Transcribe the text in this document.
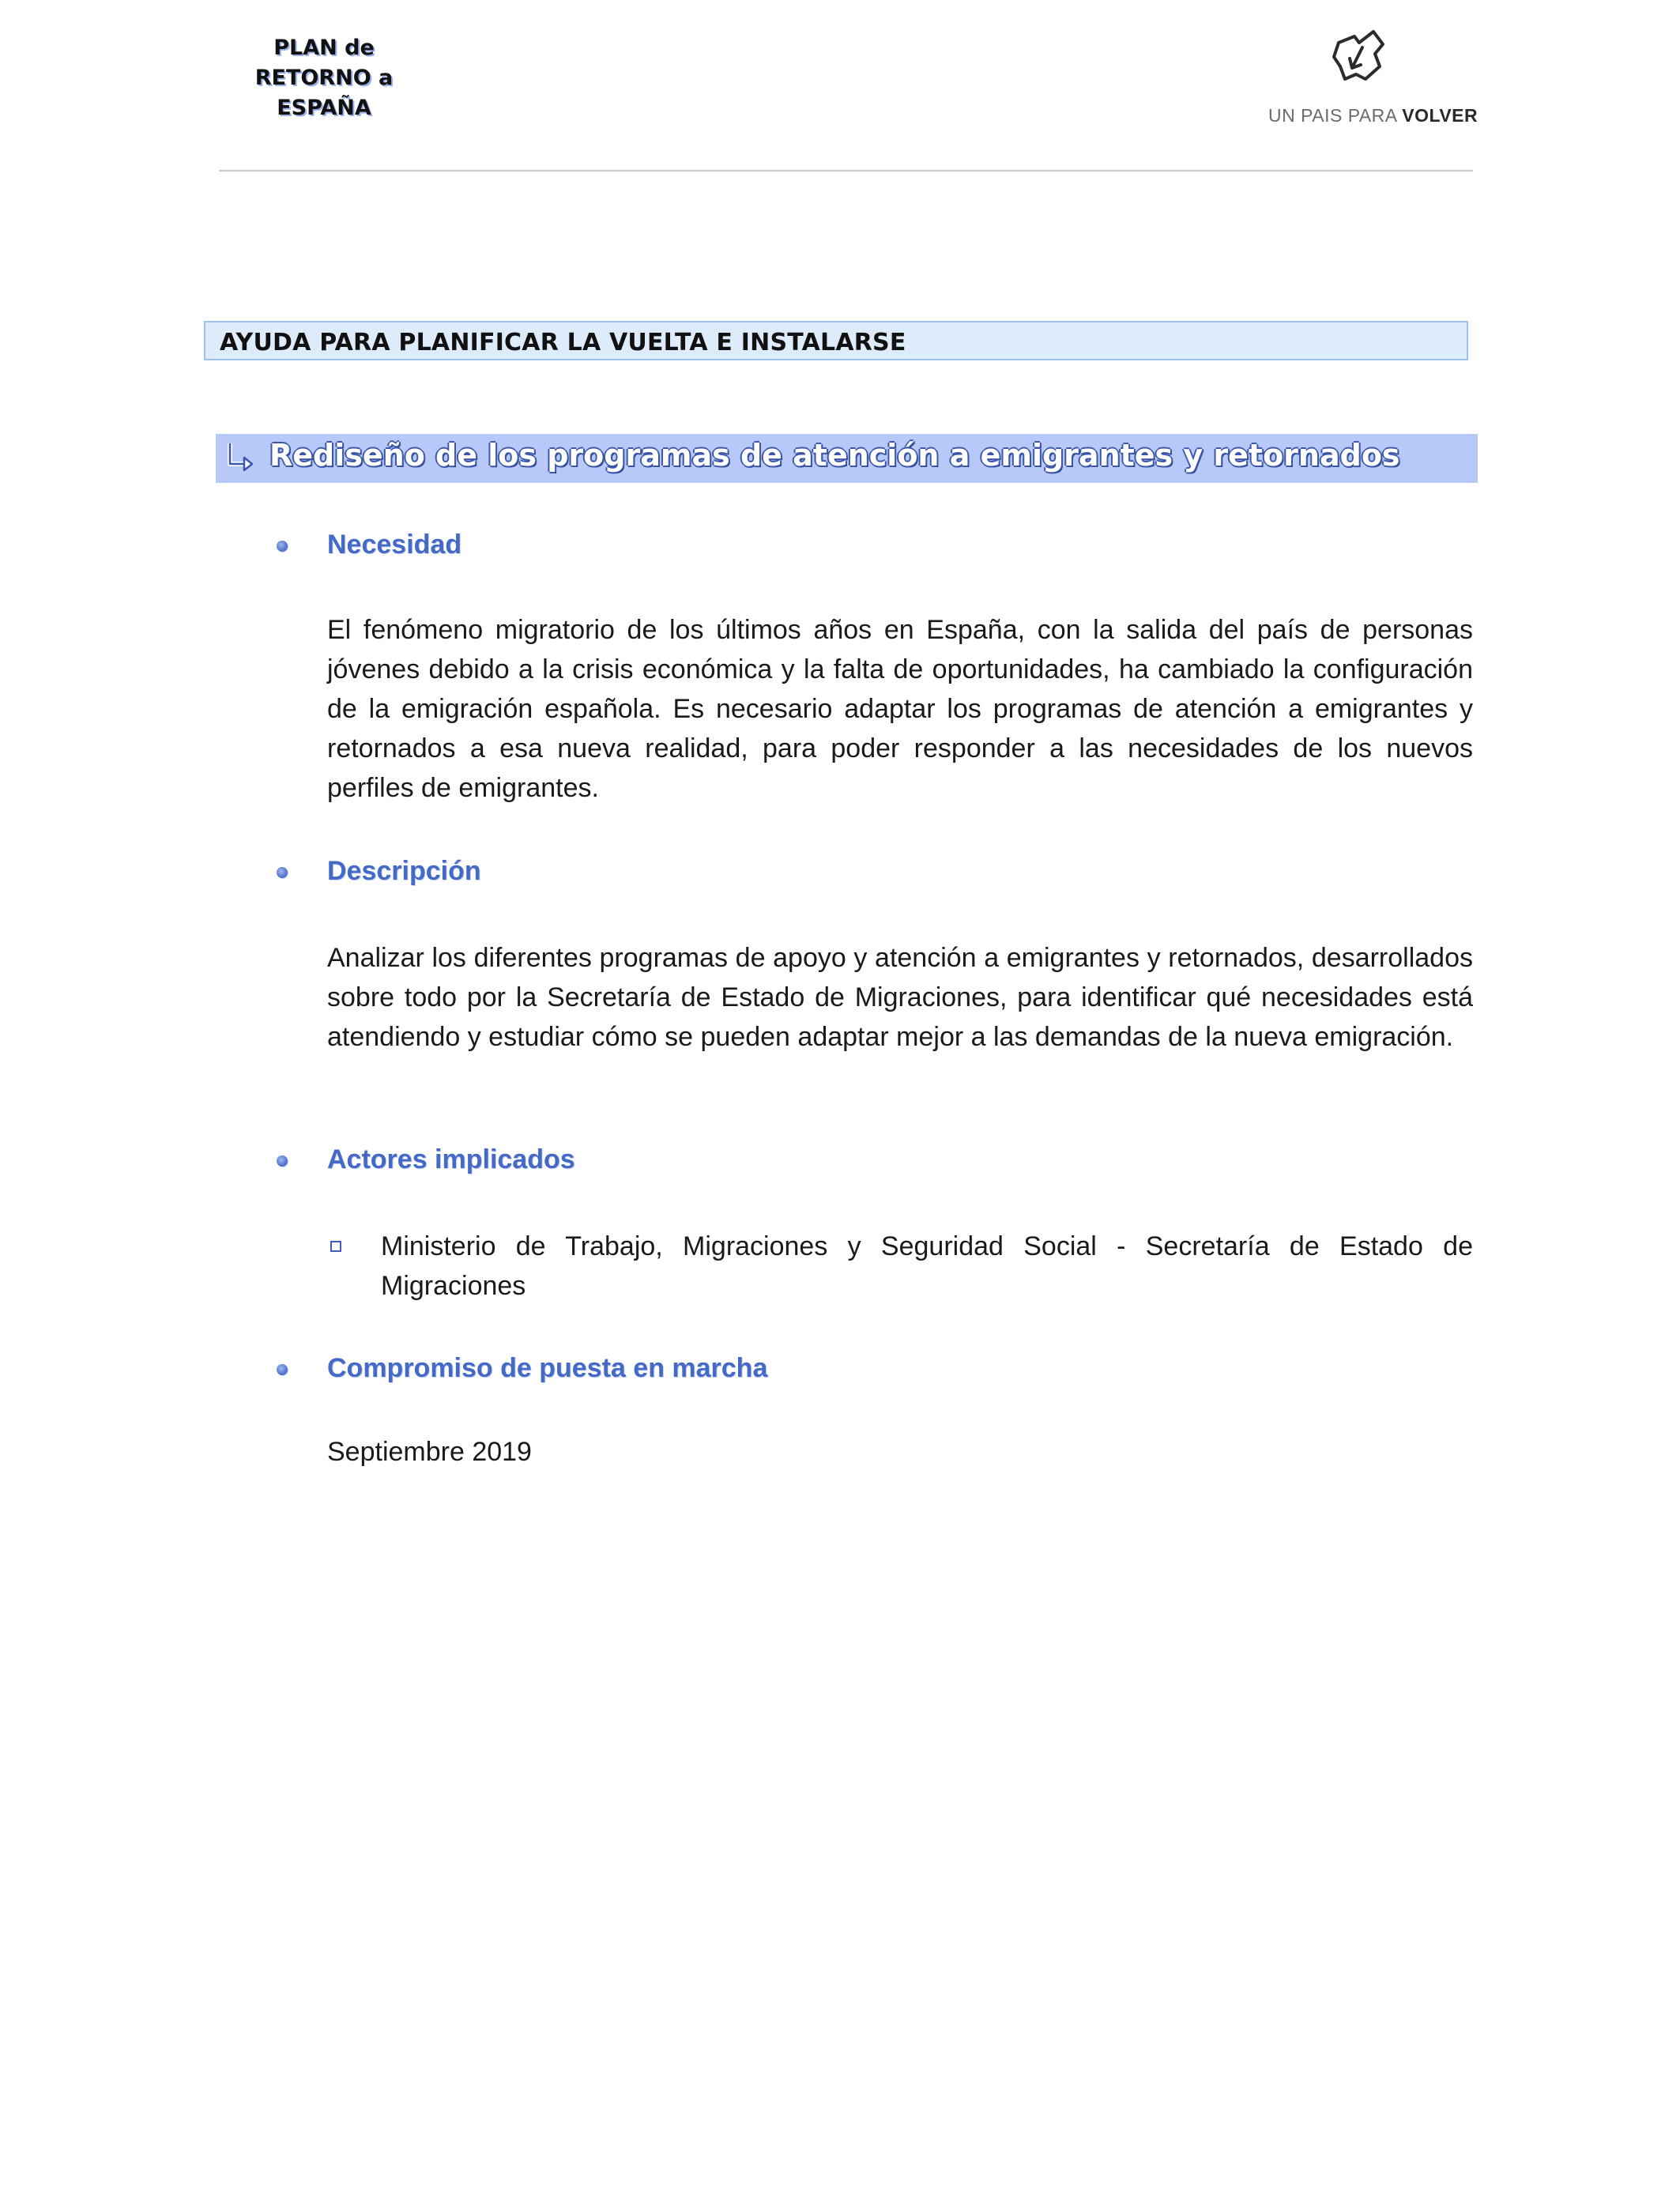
PLAN de
RETORNO a
ESPAÑA	UN PAIS PARA VOLVER
AYUDA PARA PLANIFICAR LA VUELTA E INSTALARSE
Rediseño de los programas de atención a emigrantes y retornados
Necesidad
El fenómeno migratorio de los últimos años en España, con la salida del país de personas jóvenes debido a la crisis económica y la falta de oportunidades, ha cambiado la configuración de la emigración española. Es necesario adaptar los programas de atención a emigrantes y retornados a esa nueva realidad, para poder responder a las necesidades de los nuevos perfiles de emigrantes.
Descripción
Analizar los diferentes programas de apoyo y atención a emigrantes y retornados, desarrollados sobre todo por la Secretaría de Estado de Migraciones, para identificar qué necesidades está atendiendo y estudiar cómo se pueden adaptar mejor a las demandas de la nueva emigración.
Actores implicados
Ministerio de Trabajo, Migraciones y Seguridad Social - Secretaría de Estado de Migraciones
Compromiso de puesta en marcha
Septiembre 2019
